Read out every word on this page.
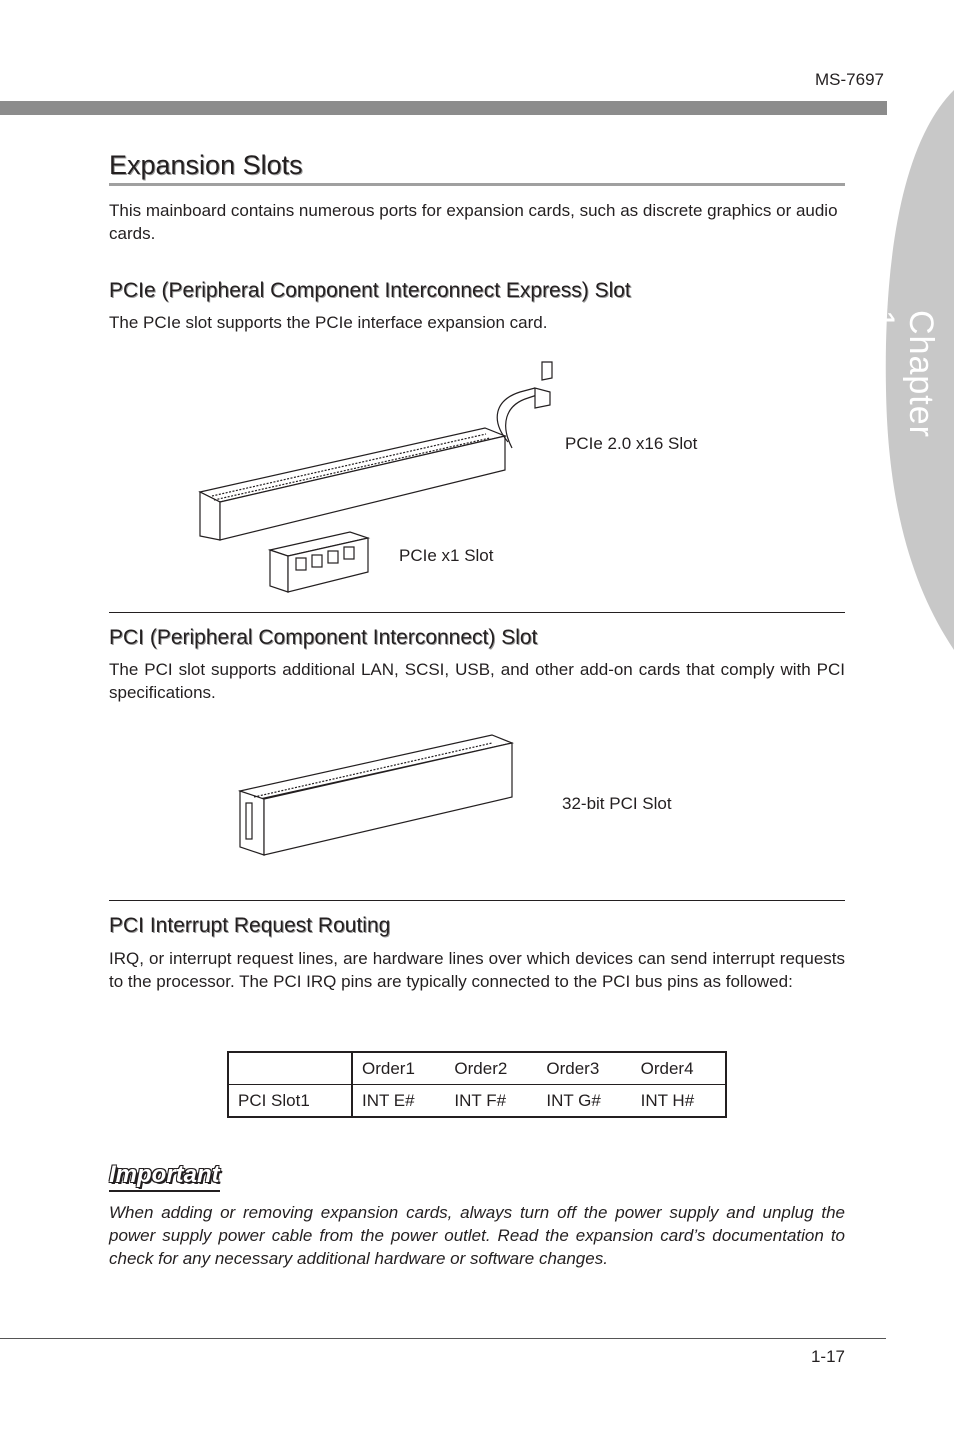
MS-7697
Chapter 1
Expansion Slots
This mainboard contains numerous ports for expansion cards, such as discrete graphics or audio cards.
PCIe (Peripheral Component Interconnect Express) Slot
The PCIe slot supports the PCIe interface expansion card.
PCIe 2.0 x16 Slot
PCIe x1 Slot
PCI (Peripheral Component Interconnect) Slot
The PCI slot supports additional LAN, SCSI, USB, and other add-on cards that comply with PCI specifications.
32-bit PCI Slot
PCI Interrupt Request Routing
IRQ, or interrupt request lines, are hardware lines over which devices can send interrupt requests to the processor. The PCI IRQ pins are typically connected to the PCI bus pins as followed:
	Order1	Order2	Order3	Order4
PCI Slot1	INT E#	INT F#	INT G#	INT H#
Important
When adding or removing expansion cards, always turn off the power supply and unplug the power supply power cable from the power outlet. Read the expansion card’s documentation to check for any necessary additional hardware or software changes.
1-17
